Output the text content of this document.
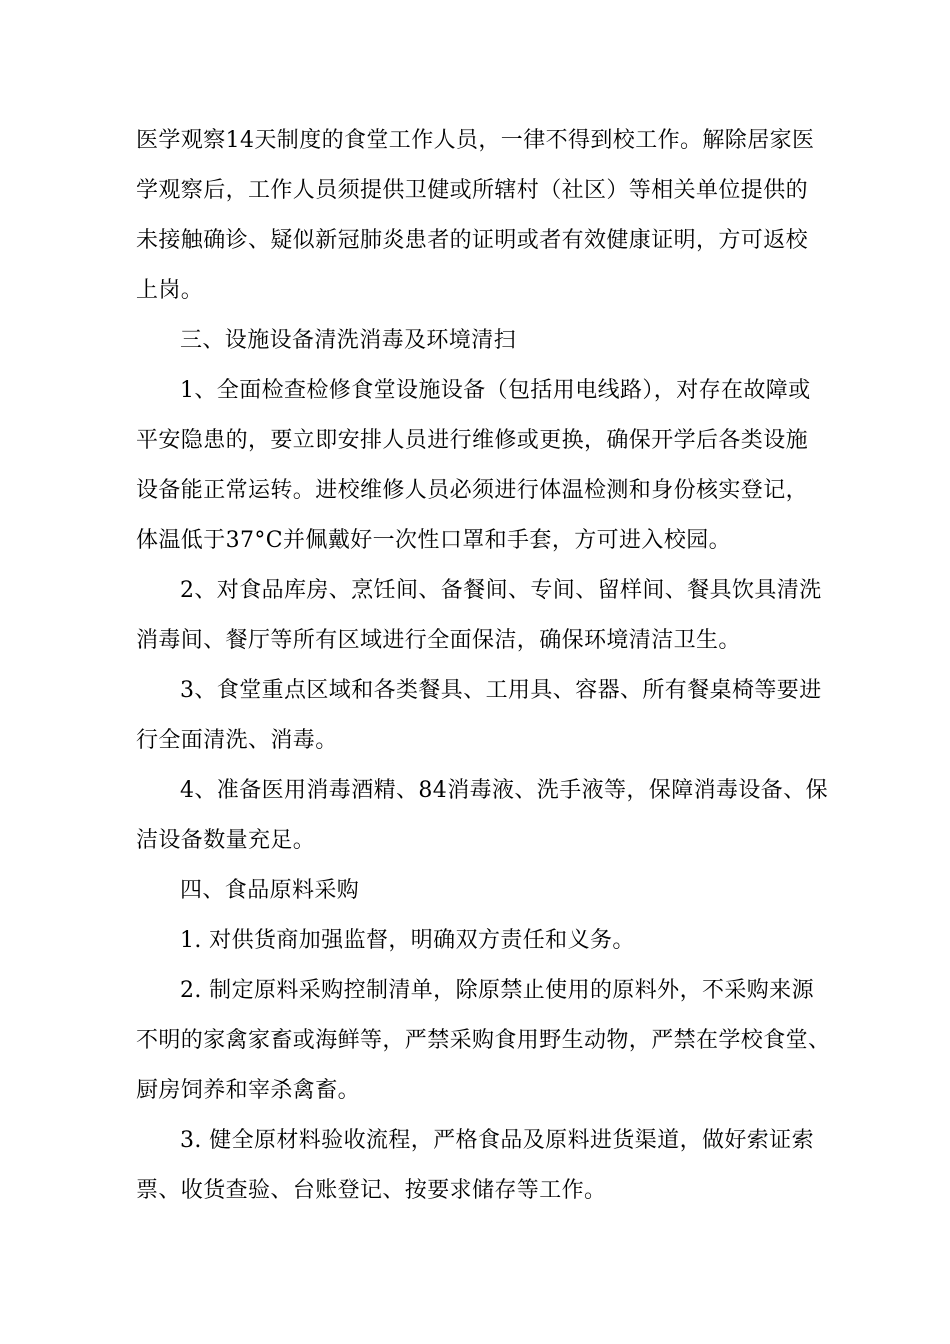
医学观察14天制度的食堂工作人员，一律不得到校工作。解除居家医
学观察后，工作人员须提供卫健或所辖村（社区）等相关单位提供的
未接触确诊、疑似新冠肺炎患者的证明或者有效健康证明，方可返校
上岗。
三、设施设备清洗消毒及环境清扫
1、全面检查检修食堂设施设备（包括用电线路），对存在故障或
平安隐患的，要立即安排人员进行维修或更换，确保开学后各类设施
设备能正常运转。进校维修人员必须进行体温检测和身份核实登记，
体温低于37°C并佩戴好一次性口罩和手套，方可进入校园。
2、对食品库房、烹饪间、备餐间、专间、留样间、餐具饮具清洗
消毒间、餐厅等所有区域进行全面保洁，确保环境清洁卫生。
3、食堂重点区域和各类餐具、工用具、容器、所有餐桌椅等要进
行全面清洗、消毒。
4、准备医用消毒酒精、84消毒液、洗手液等，保障消毒设备、保
洁设备数量充足。
四、食品原料采购
1. 对供货商加强监督，明确双方责任和义务。
2. 制定原料采购控制清单，除原禁止使用的原料外，不采购来源
不明的家禽家畜或海鲜等，严禁采购食用野生动物，严禁在学校食堂、
厨房饲养和宰杀禽畜。
3. 健全原材料验收流程，严格食品及原料进货渠道，做好索证索
票、收货查验、台账登记、按要求储存等工作。
